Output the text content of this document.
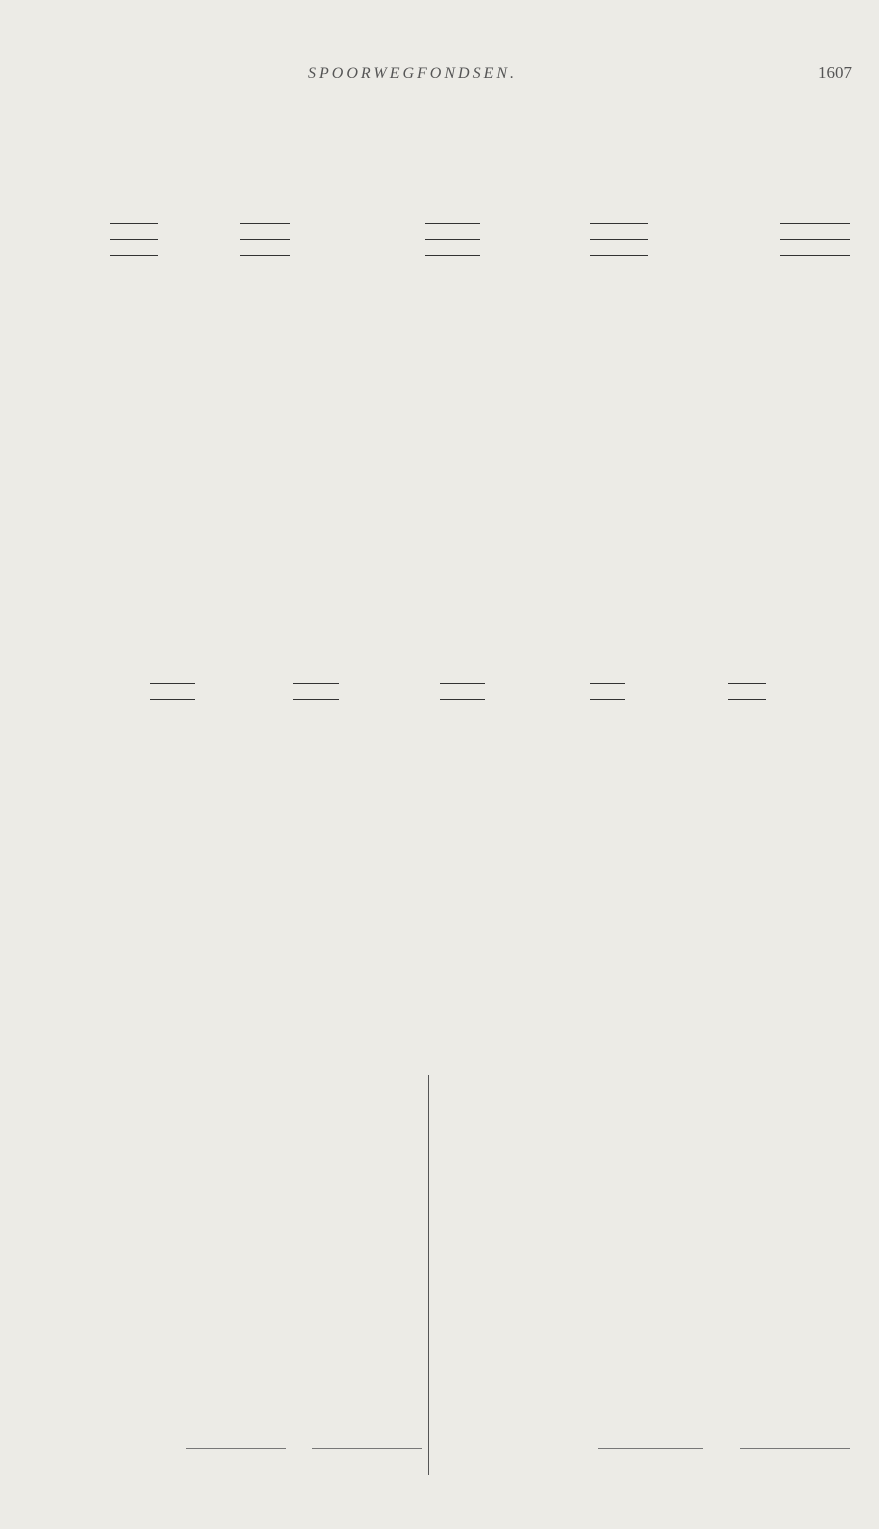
SPOORWEGFONDSEN.	1607
